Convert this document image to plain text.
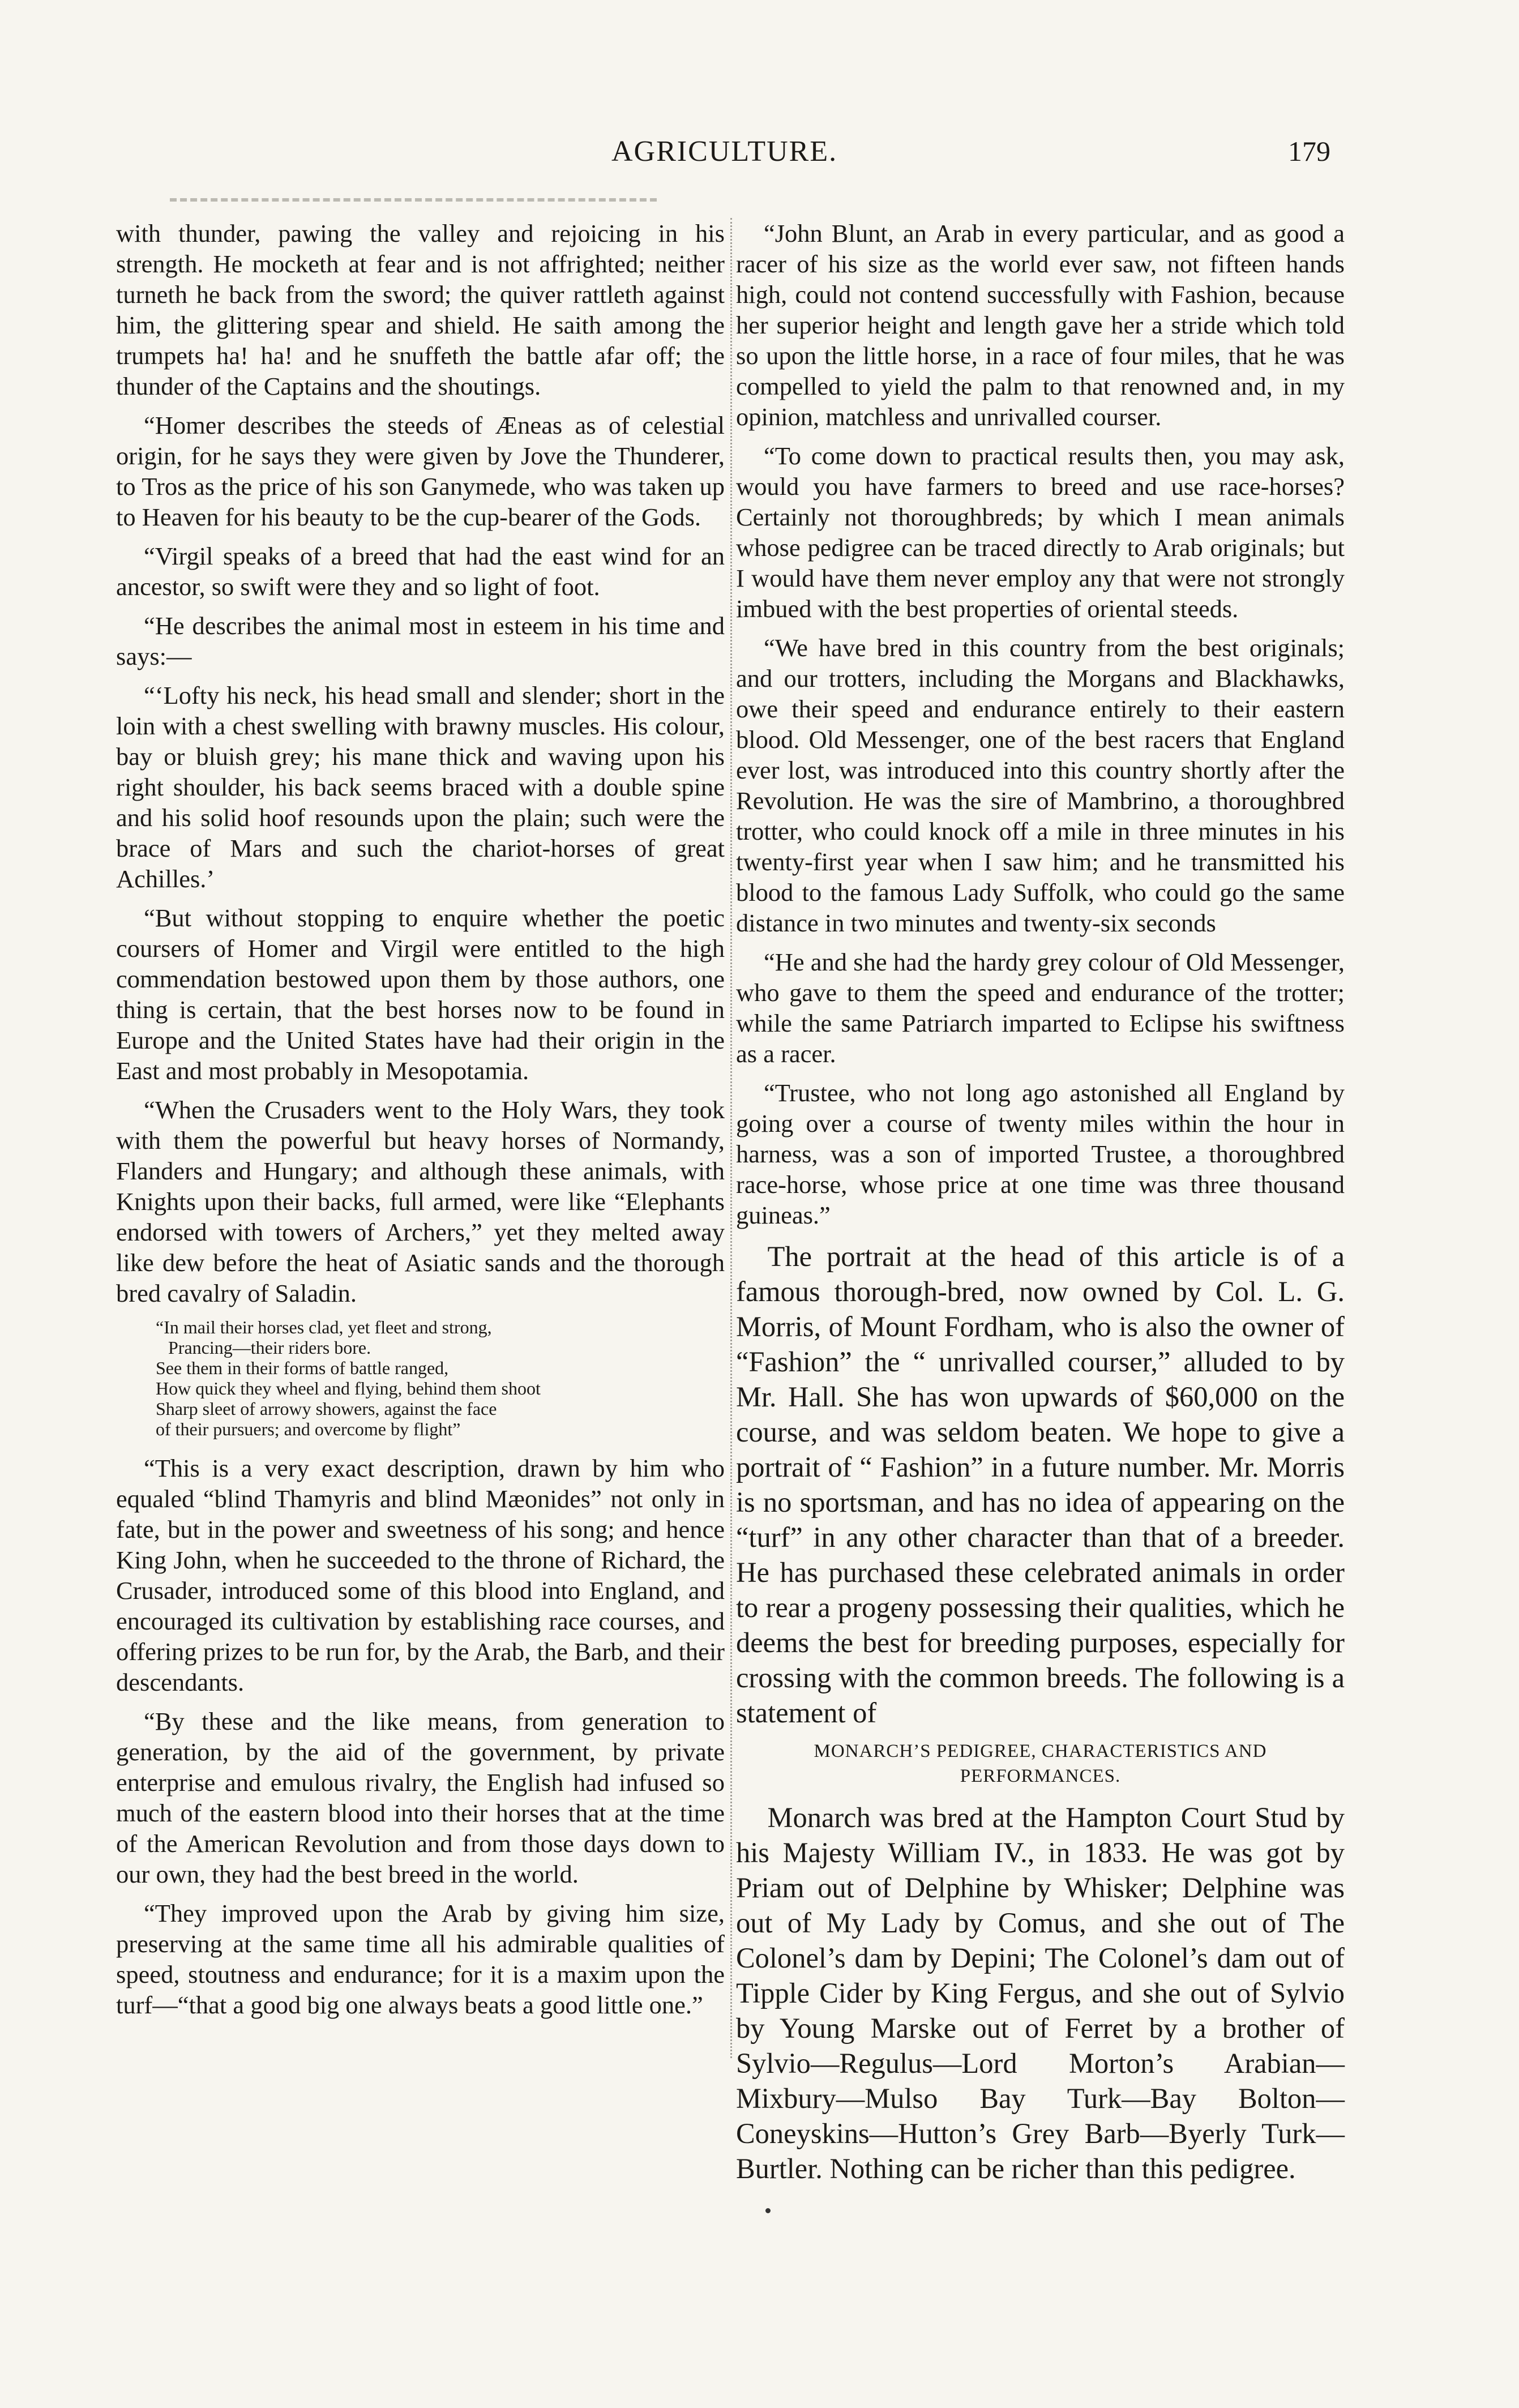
AGRICULTURE.	179

with thunder, pawing the valley and rejoicing in his strength. He mocketh at fear and is not affrighted; neither turneth he back from the sword; the quiver rattleth against him, the glittering spear and shield. He saith among the trumpets ha! ha! and he snuffeth the battle afar off; the thunder of the Captains and the shoutings.

“Homer describes the steeds of Æneas as of celestial origin, for he says they were given by Jove the Thunderer, to Tros as the price of his son Ganymede, who was taken up to Heaven for his beauty to be the cup-bearer of the Gods.

“Virgil speaks of a breed that had the east wind for an ancestor, so swift were they and so light of foot.

“He describes the animal most in esteem in his time and says:—

“‘Lofty his neck, his head small and slender; short in the loin with a chest swelling with brawny muscles. His colour, bay or bluish grey; his mane thick and waving upon his right shoulder, his back seems braced with a double spine and his solid hoof resounds upon the plain; such were the brace of Mars and such the chariot-horses of great Achilles.’

“But without stopping to enquire whether the poetic coursers of Homer and Virgil were entitled to the high commendation bestowed upon them by those authors, one thing is certain, that the best horses now to be found in Europe and the United States have had their origin in the East and most probably in Mesopotamia.

“When the Crusaders went to the Holy Wars, they took with them the powerful but heavy horses of Normandy, Flanders and Hungary; and although these animals, with Knights upon their backs, full armed, were like “Elephants endorsed with towers of Archers,” yet they melted away like dew before the heat of Asiatic sands and the thorough bred cavalry of Saladin.

“In mail their horses clad, yet fleet and strong,
Prancing—their riders bore.
See them in their forms of battle ranged,
How quick they wheel and flying, behind them shoot
Sharp sleet of arrowy showers, against the face
of their pursuers; and overcome by flight”

“This is a very exact description, drawn by him who equaled “blind Thamyris and blind Mæonides” not only in fate, but in the power and sweetness of his song; and hence King John, when he succeeded to the throne of Richard, the Crusader, introduced some of this blood into England, and encouraged its cultivation by establishing race courses, and offering prizes to be run for, by the Arab, the Barb, and their descendants.

“By these and the like means, from generation to generation, by the aid of the government, by private enterprise and emulous rivalry, the English had infused so much of the eastern blood into their horses that at the time of the American Revolution and from those days down to our own, they had the best breed in the world.

“They improved upon the Arab by giving him size, preserving at the same time all his admirable qualities of speed, stoutness and endurance; for it is a maxim upon the turf—“that a good big one always beats a good little one.”

“John Blunt, an Arab in every particular, and as good a racer of his size as the world ever saw, not fifteen hands high, could not contend successfully with Fashion, because her superior height and length gave her a stride which told so upon the little horse, in a race of four miles, that he was compelled to yield the palm to that renowned and, in my opinion, matchless and unrivalled courser.

“To come down to practical results then, you may ask, would you have farmers to breed and use race-horses? Certainly not thoroughbreds; by which I mean animals whose pedigree can be traced directly to Arab originals; but I would have them never employ any that were not strongly imbued with the best properties of oriental steeds.

“We have bred in this country from the best originals; and our trotters, including the Morgans and Blackhawks, owe their speed and endurance entirely to their eastern blood. Old Messenger, one of the best racers that England ever lost, was introduced into this country shortly after the Revolution. He was the sire of Mambrino, a thoroughbred trotter, who could knock off a mile in three minutes in his twenty-first year when I saw him; and he transmitted his blood to the famous Lady Suffolk, who could go the same distance in two minutes and twenty-six seconds

“He and she had the hardy grey colour of Old Messenger, who gave to them the speed and endurance of the trotter; while the same Patriarch imparted to Eclipse his swiftness as a racer.

“Trustee, who not long ago astonished all England by going over a course of twenty miles within the hour in harness, was a son of imported Trustee, a thoroughbred race-horse, whose price at one time was three thousand guineas.”

The portrait at the head of this article is of a famous thorough-bred, now owned by Col. L. G. Morris, of Mount Fordham, who is also the owner of “Fashion” the “ unrivalled courser,” alluded to by Mr. Hall. She has won upwards of $60,000 on the course, and was seldom beaten. We hope to give a portrait of “ Fashion” in a future number. Mr. Morris is no sportsman, and has no idea of appearing on the “turf” in any other character than that of a breeder. He has purchased these celebrated animals in order to rear a progeny possessing their qualities, which he deems the best for breeding purposes, especially for crossing with the common breeds. The following is a statement of

MONARCH’S PEDIGREE, CHARACTERISTICS AND PERFORMANCES.

Monarch was bred at the Hampton Court Stud by his Majesty William IV., in 1833. He was got by Priam out of Delphine by Whisker; Delphine was out of My Lady by Comus, and she out of The Colonel’s dam by Depini; The Colonel’s dam out of Tipple Cider by King Fergus, and she out of Sylvio by Young Marske out of Ferret by a brother of Sylvio—Regulus—Lord Morton’s Arabian—Mixbury—Mulso Bay Turk—Bay Bolton—Coneyskins—Hutton’s Grey Barb—Byerly Turk—Burtler. Nothing can be richer than this pedigree.
